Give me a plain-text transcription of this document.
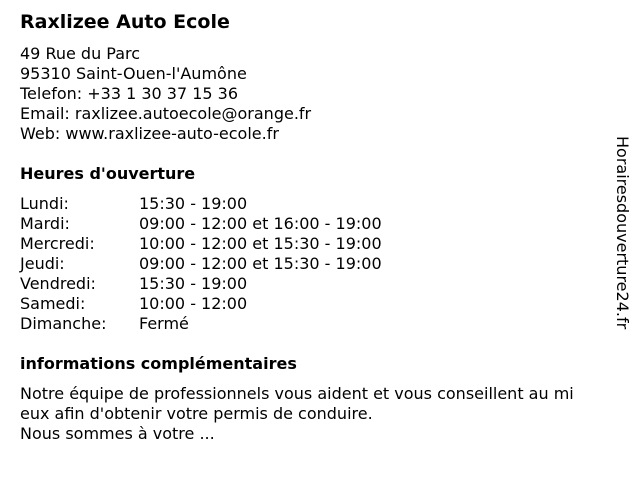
Raxlizee Auto Ecole
49 Rue du Parc
95310 Saint-Ouen-l'Aumône
Telefon: +33 1 30 37 15 36
Email: raxlizee.autoecole@orange.fr
Web: www.raxlizee-auto-ecole.fr
Heures d'ouverture
Lundi:	15:30 - 19:00
Mardi:	09:00 - 12:00 et 16:00 - 19:00
Mercredi:	10:00 - 12:00 et 15:30 - 19:00
Jeudi:	09:00 - 12:00 et 15:30 - 19:00
Vendredi:	15:30 - 19:00
Samedi:	10:00 - 12:00
Dimanche:	Fermé
informations complémentaires
Notre équipe de professionnels vous aident et vous conseillent au mi
eux afin d'obtenir votre permis de conduire.
Nous sommes à votre ...
Horairesdouverture24.fr
